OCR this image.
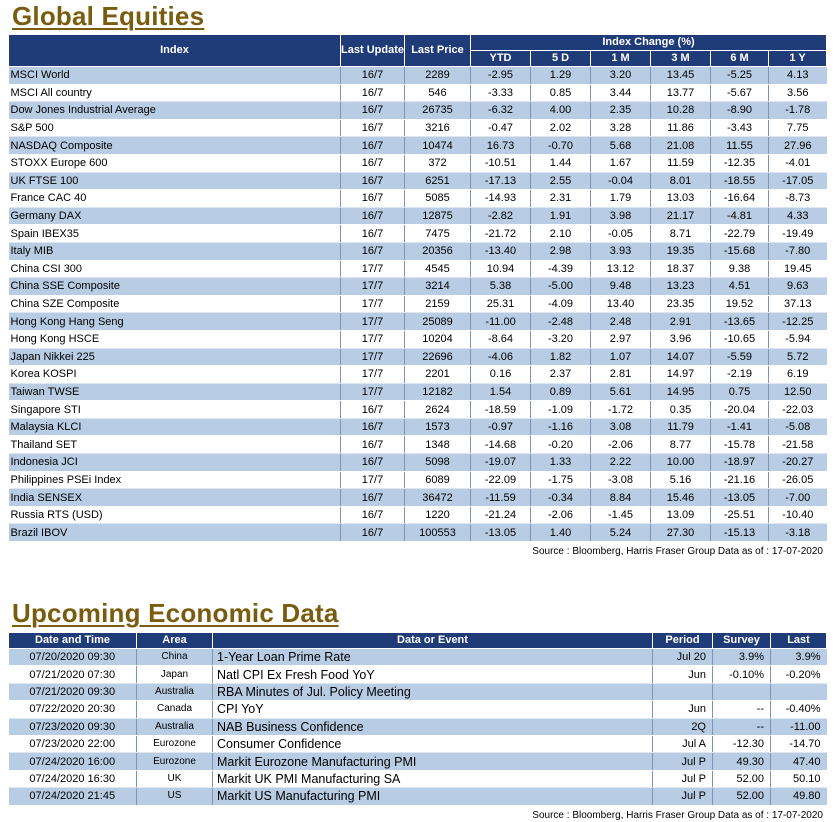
Global Equities
Index	Last Update	Last Price	Index Change (%)					
			YTD	5 D	1 M	3 M	6 M	1 Y
MSCI World	16/7	2289	-2.95	1.29	3.20	13.45	-5.25	4.13
MSCI All country	16/7	546	-3.33	0.85	3.44	13.77	-5.67	3.56
Dow Jones Industrial Average	16/7	26735	-6.32	4.00	2.35	10.28	-8.90	-1.78
S&P 500	16/7	3216	-0.47	2.02	3.28	11.86	-3.43	7.75
NASDAQ Composite	16/7	10474	16.73	-0.70	5.68	21.08	11.55	27.96
STOXX Europe 600	16/7	372	-10.51	1.44	1.67	11.59	-12.35	-4.01
UK FTSE 100	16/7	6251	-17.13	2.55	-0.04	8.01	-18.55	-17.05
France CAC 40	16/7	5085	-14.93	2.31	1.79	13.03	-16.64	-8.73
Germany DAX	16/7	12875	-2.82	1.91	3.98	21.17	-4.81	4.33
Spain IBEX35	16/7	7475	-21.72	2.10	-0.05	8.71	-22.79	-19.49
Italy MIB	16/7	20356	-13.40	2.98	3.93	19.35	-15.68	-7.80
China CSI 300	17/7	4545	10.94	-4.39	13.12	18.37	9.38	19.45
China SSE Composite	17/7	3214	5.38	-5.00	9.48	13.23	4.51	9.63
China SZE Composite	17/7	2159	25.31	-4.09	13.40	23.35	19.52	37.13
Hong Kong Hang Seng	17/7	25089	-11.00	-2.48	2.48	2.91	-13.65	-12.25
Hong Kong HSCE	17/7	10204	-8.64	-3.20	2.97	3.96	-10.65	-5.94
Japan Nikkei 225	17/7	22696	-4.06	1.82	1.07	14.07	-5.59	5.72
Korea KOSPI	17/7	2201	0.16	2.37	2.81	14.97	-2.19	6.19
Taiwan TWSE	17/7	12182	1.54	0.89	5.61	14.95	0.75	12.50
Singapore STI	16/7	2624	-18.59	-1.09	-1.72	0.35	-20.04	-22.03
Malaysia KLCI	16/7	1573	-0.97	-1.16	3.08	11.79	-1.41	-5.08
Thailand SET	16/7	1348	-14.68	-0.20	-2.06	8.77	-15.78	-21.58
Indonesia JCI	16/7	5098	-19.07	1.33	2.22	10.00	-18.97	-20.27
Philippines PSEi Index	17/7	6089	-22.09	-1.75	-3.08	5.16	-21.16	-26.05
India SENSEX	16/7	36472	-11.59	-0.34	8.84	15.46	-13.05	-7.00
Russia RTS (USD)	16/7	1220	-21.24	-2.06	-1.45	13.09	-25.51	-10.40
Brazil IBOV	16/7	100553	-13.05	1.40	5.24	27.30	-15.13	-3.18
Source : Bloomberg, Harris Fraser Group Data as of : 17-07-2020
Upcoming Economic Data
Date and Time	Area	Data or Event	Period	Survey	Last
07/20/2020 09:30	China	1-Year Loan Prime Rate	Jul 20	3.9%	3.9%
07/21/2020 07:30	Japan	Natl CPI Ex Fresh Food YoY	Jun	-0.10%	-0.20%
07/21/2020 09:30	Australia	RBA Minutes of Jul. Policy Meeting			
07/22/2020 20:30	Canada	CPI YoY	Jun	--	-0.40%
07/23/2020 09:30	Australia	NAB Business Confidence	2Q	--	-11.00
07/23/2020 22:00	Eurozone	Consumer Confidence	Jul A	-12.30	-14.70
07/24/2020 16:00	Eurozone	Markit Eurozone Manufacturing PMI	Jul P	49.30	47.40
07/24/2020 16:30	UK	Markit UK PMI Manufacturing SA	Jul P	52.00	50.10
07/24/2020 21:45	US	Markit US Manufacturing PMI	Jul P	52.00	49.80
Source : Bloomberg, Harris Fraser Group Data as of : 17-07-2020
